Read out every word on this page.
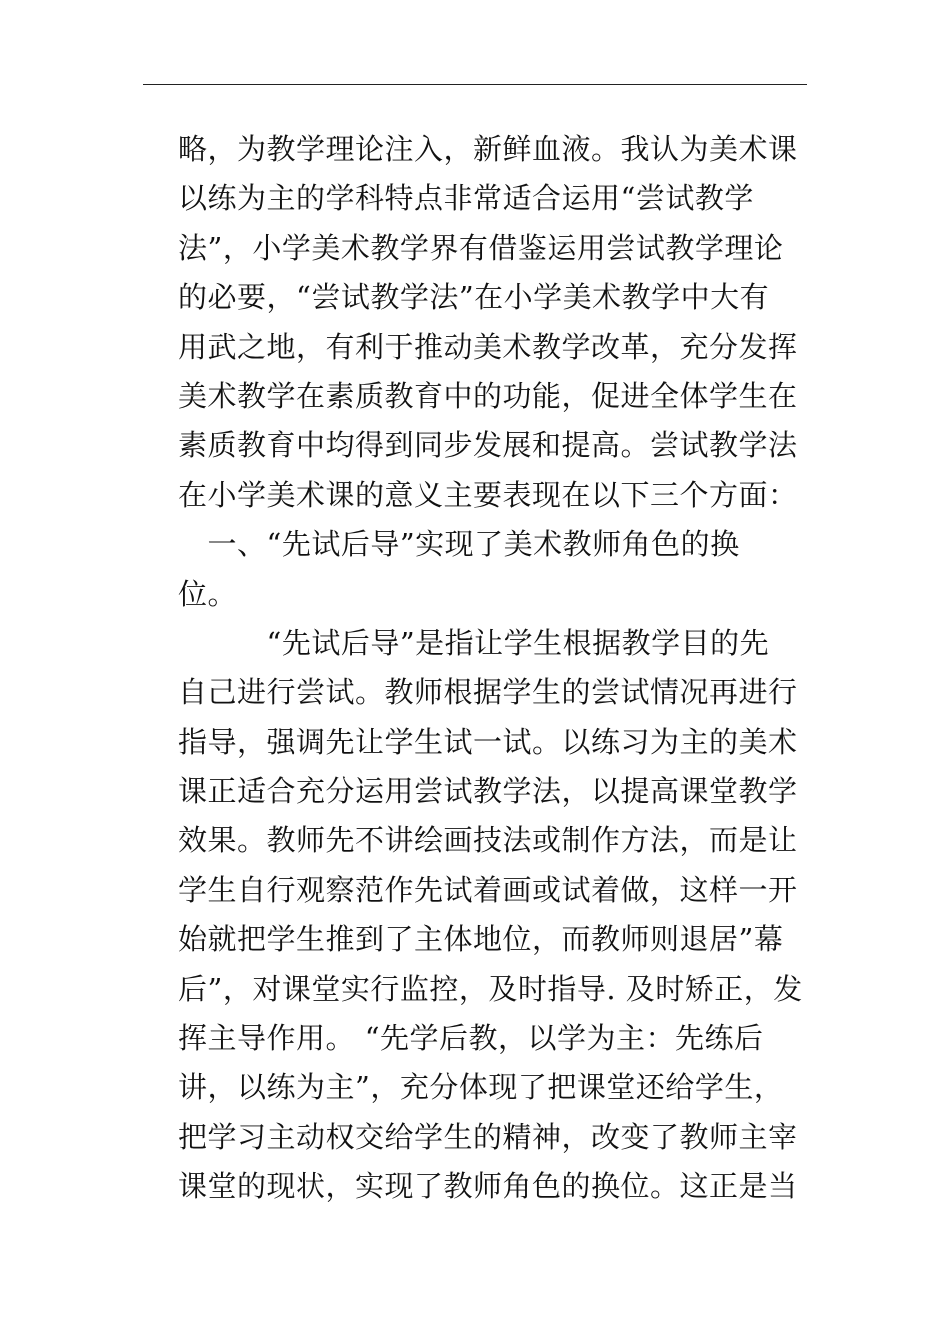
略，为教学理论注入，新鲜血液。我认为美术课
以练为主的学科特点非常适合运用“尝试教学
法”，小学美术教学界有借鉴运用尝试教学理论
的必要，“尝试教学法”在小学美术教学中大有
用武之地，有利于推动美术教学改革，充分发挥
美术教学在素质教育中的功能，促进全体学生在
素质教育中均得到同步发展和提高。尝试教学法
在小学美术课的意义主要表现在以下三个方面：
　一、“先试后导”实现了美术教师角色的换
位。
　　　“先试后导”是指让学生根据教学目的先
自己进行尝试。教师根据学生的尝试情况再进行
指导，强调先让学生试一试。以练习为主的美术
课正适合充分运用尝试教学法，以提高课堂教学
效果。教师先不讲绘画技法或制作方法，而是让
学生自行观察范作先试着画或试着做，这样一开
始就把学生推到了主体地位，而教师则退居”幕
后”，对课堂实行监控，及时指导. 及时矫正，发
挥主导作用。 “先学后教，以学为主：先练后
讲，以练为主”，充分体现了把课堂还给学生，
把学习主动权交给学生的精神，改变了教师主宰
课堂的现状，实现了教师角色的换位。这正是当
